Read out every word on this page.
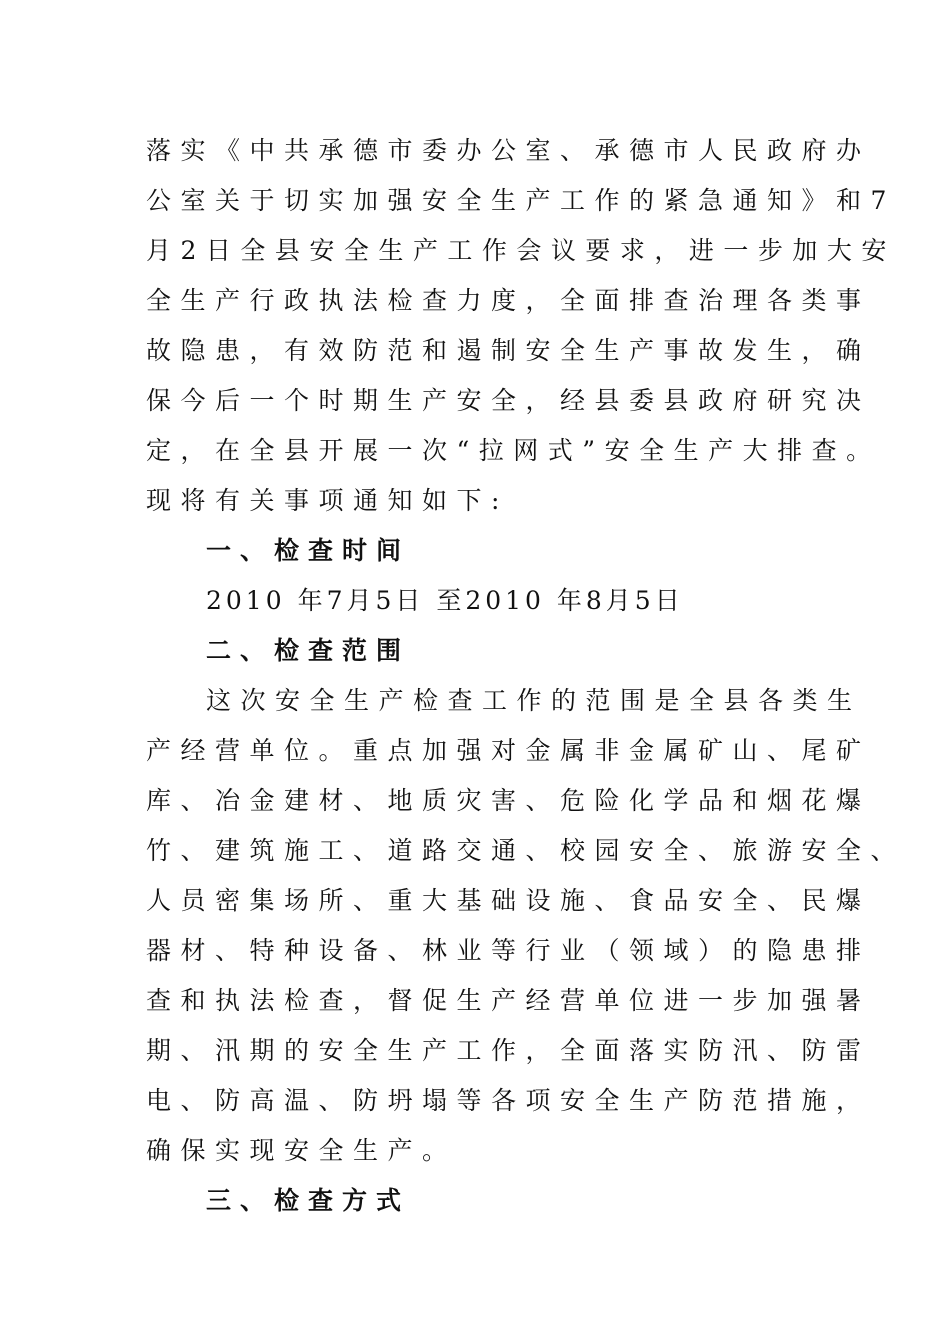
落实《中共承德市委办公室、承德市人民政府办
公室关于切实加强安全生产工作的紧急通知》和7
月2日全县安全生产工作会议要求，进一步加大安
全生产行政执法检查力度，全面排查治理各类事
故隐患，有效防范和遏制安全生产事故发生，确
保今后一个时期生产安全，经县委县政府研究决
定，在全县开展一次“拉网式”安全生产大排查。
现将有关事项通知如下:
一、检查时间
2010 年7月5日 至2010 年8月5日
二、检查范围
这次安全生产检查工作的范围是全县各类生
产经营单位。重点加强对金属非金属矿山、尾矿
库、冶金建材、地质灾害、危险化学品和烟花爆
竹、建筑施工、道路交通、校园安全、旅游安全、
人员密集场所、重大基础设施、食品安全、民爆
器材、特种设备、林业等行业（领域）的隐患排
查和执法检查，督促生产经营单位进一步加强暑
期、汛期的安全生产工作，全面落实防汛、防雷
电、防高温、防坍塌等各项安全生产防范措施，
确保实现安全生产。
三、检查方式
